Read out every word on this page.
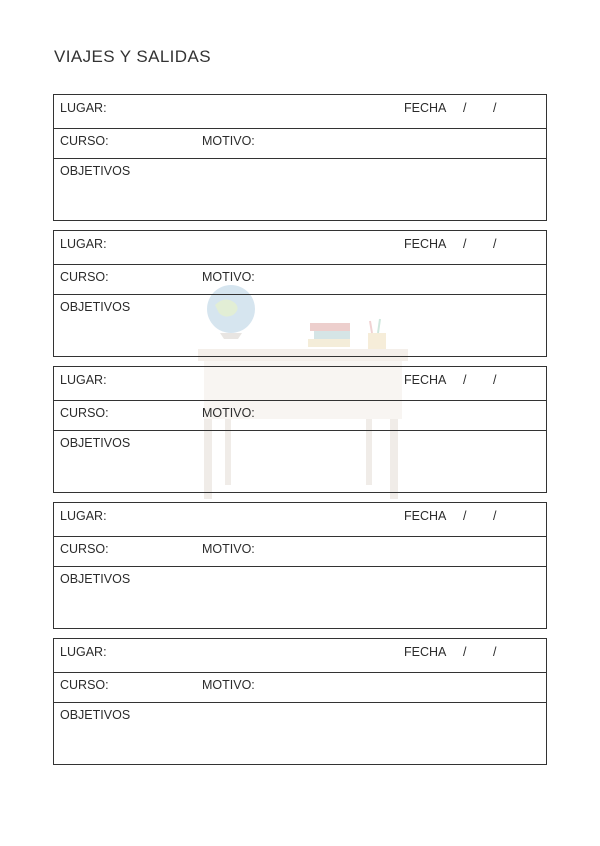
VIAJES Y SALIDAS
LUGAR:	FECHA / /
CURSO:	MOTIVO:
OBJETIVOS
LUGAR:	FECHA / /
CURSO:	MOTIVO:
OBJETIVOS
LUGAR:	FECHA / /
CURSO:	MOTIVO:
OBJETIVOS
LUGAR:	FECHA / /
CURSO:	MOTIVO:
OBJETIVOS
LUGAR:	FECHA / /
CURSO:	MOTIVO:
OBJETIVOS
